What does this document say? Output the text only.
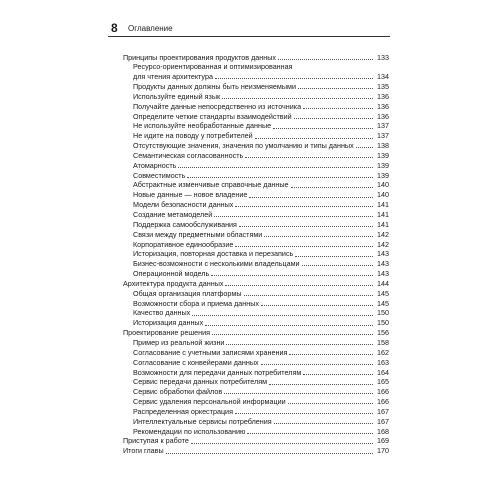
8 Оглавление
Принципы проектирования продуктов данных	133
Ресурсо-ориентированная и оптимизированная
для чтения архитектура	134
Продукты данных должны быть неизменяемыми	135
Используйте единый язык	136
Получайте данные непосредственно из источника	136
Определите четкие стандарты взаимодействий	136
Не используйте необработанные данные	137
Не идите на поводу у потребителей	137
Отсутствующие значения, значения по умолчанию и типы данных	138
Семантическая согласованность	139
Атомарность	139
Совместимость	139
Абстрактные изменчивые справочные данные	140
Новые данные — новое владение	140
Модели безопасности данных	141
Создание метамоделей	141
Поддержка самообслуживания	141
Связи между предметными областями	142
Корпоративное единообразие	142
Историзация, повторная доставка и перезапись	143
Бизнес-возможности с несколькими владельцами	143
Операционной модель	143
Архитектура продукта данных	144
Общая организация платформы	145
Возможности сбора и приема данных	145
Качество данных	150
Историзация данных	150
Проектирование решения	156
Пример из реальной жизни	158
Согласование с учетными записями хранения	162
Согласование с конвейерами данных	163
Возможности для передачи данных потребителям	164
Сервис передачи данных потребителям	165
Сервис обработки файлов	166
Сервис удаления персональной информации	166
Распределенная оркестрация	167
Интеллектуальные сервисы потребления	167
Рекомендации по использованию	168
Приступая к работе	169
Итоги главы	170
